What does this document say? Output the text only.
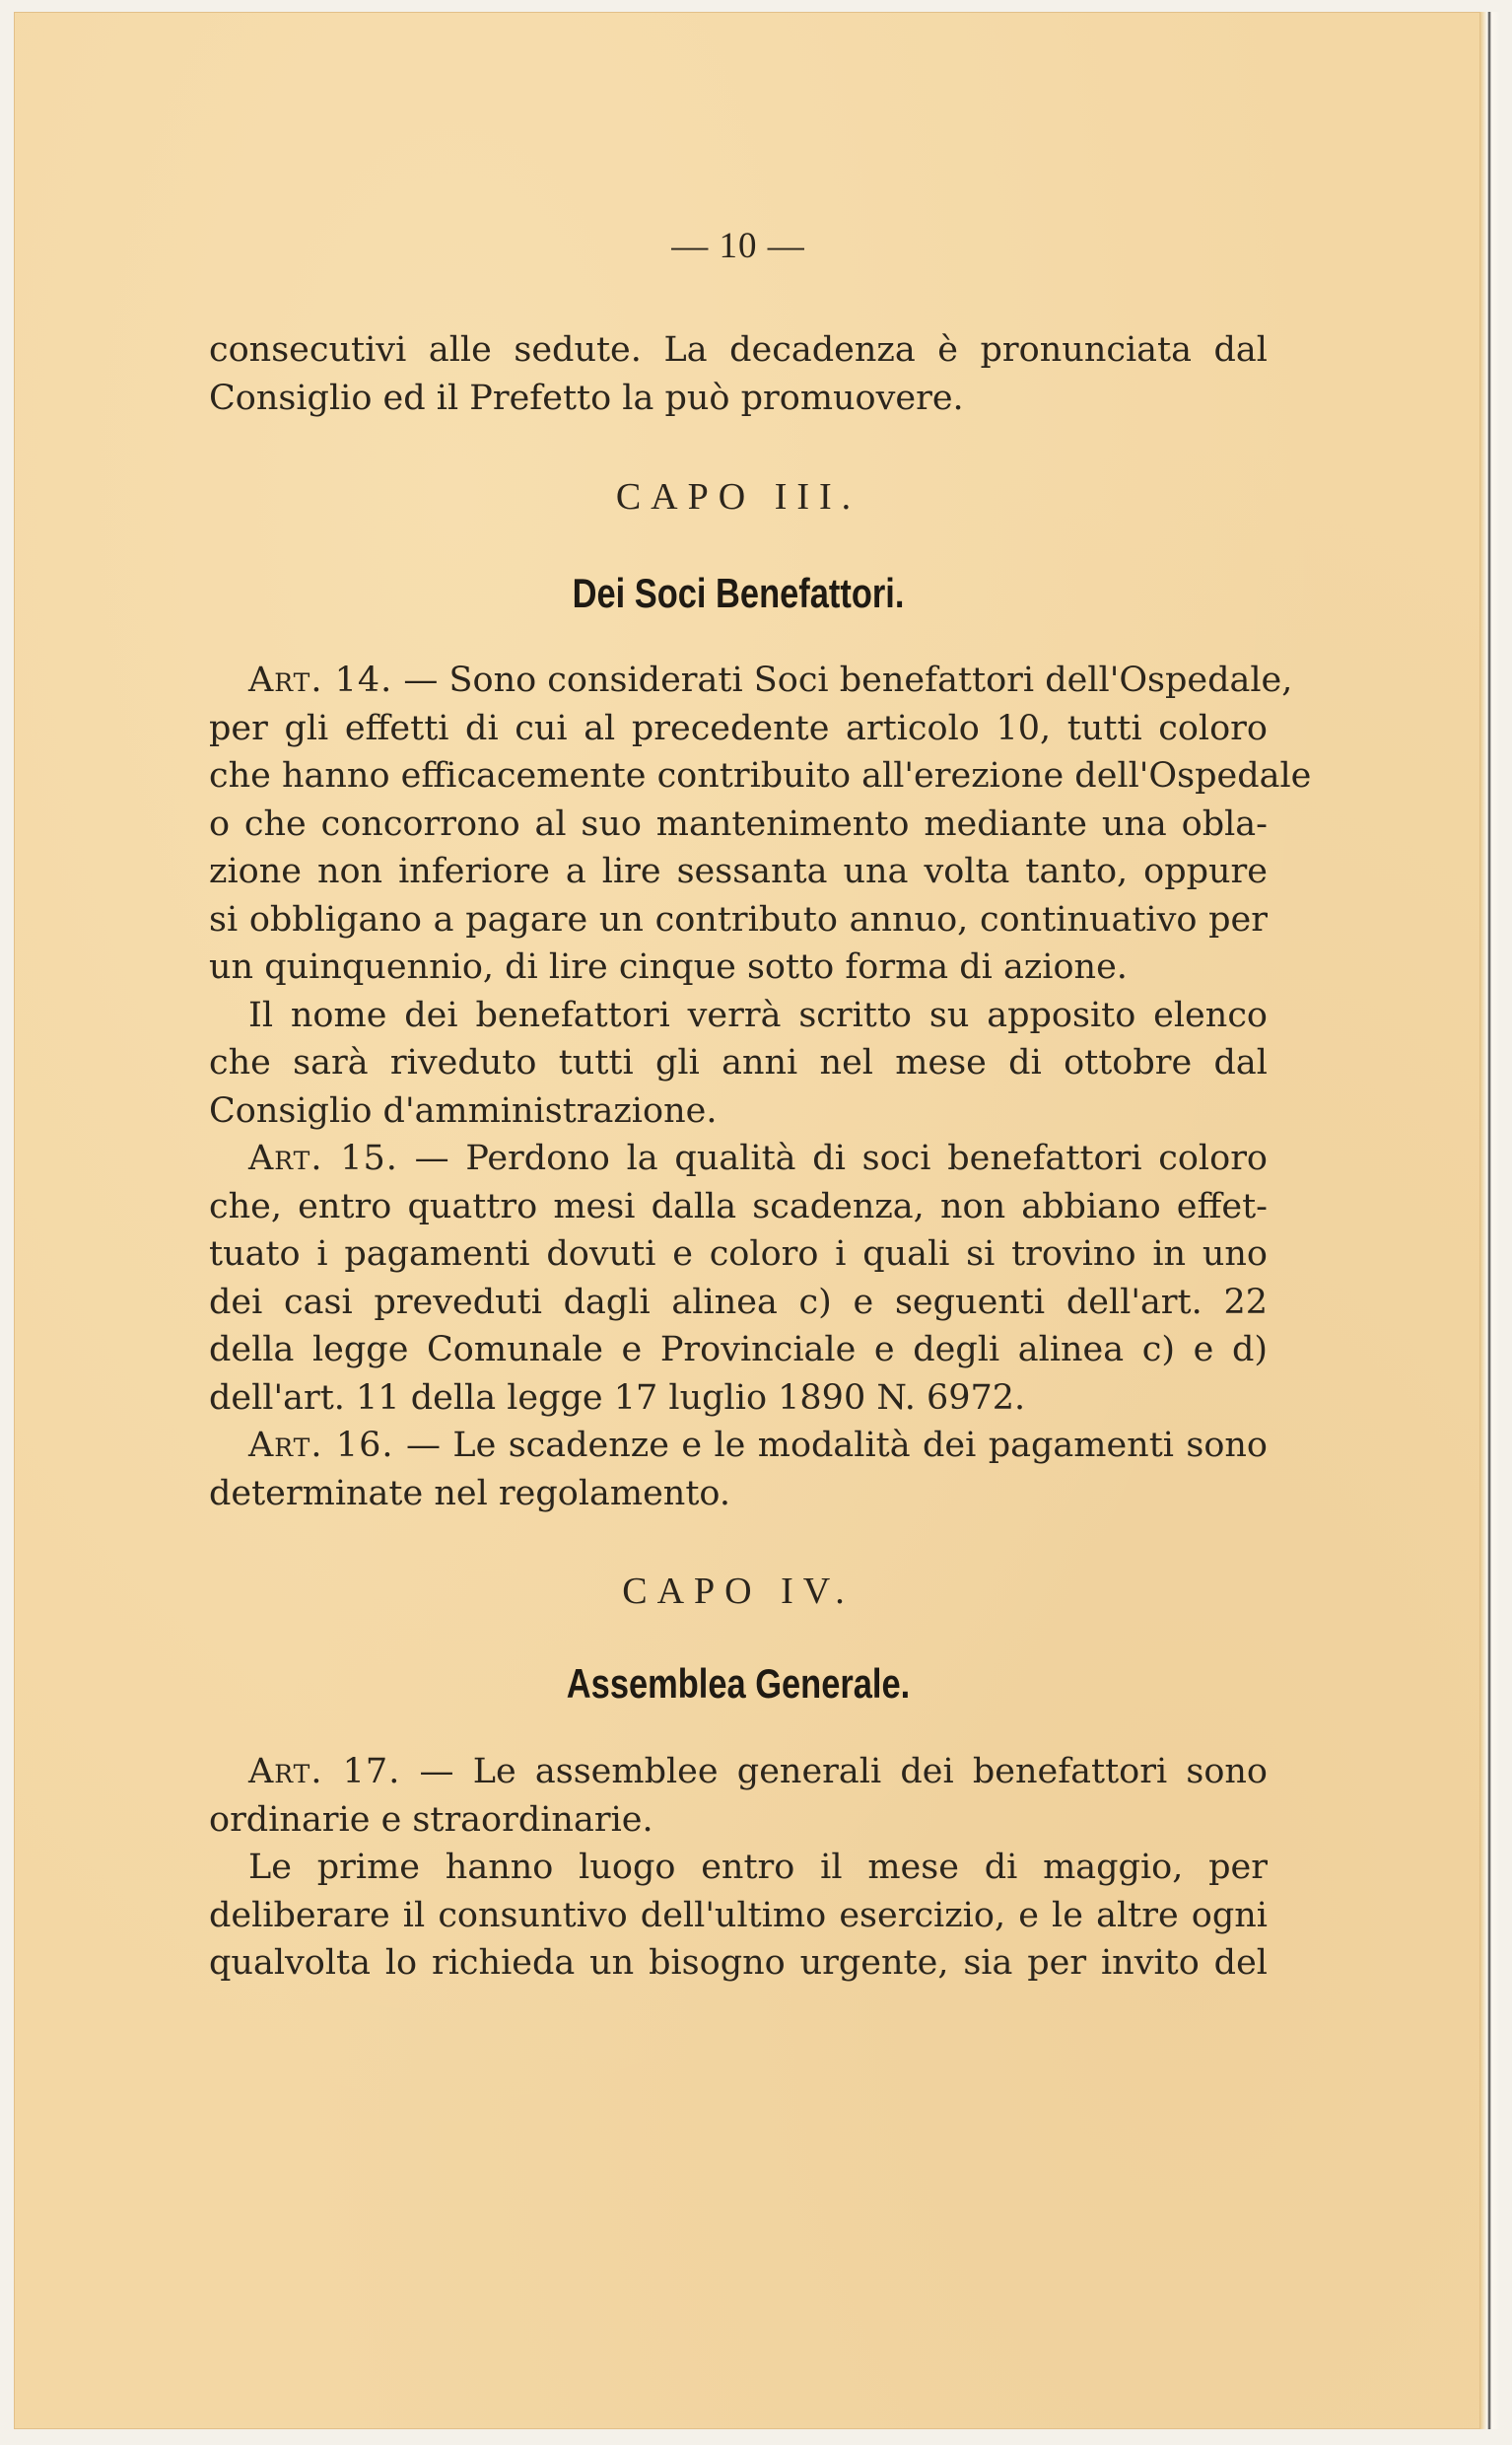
— 10 —
consecutivi alle sedute. La decadenza è pronunciata dal
Consiglio ed il Prefetto la può promuovere.
CAPO III.
Dei Soci Benefattori.
Art. 14. — Sono considerati Soci benefattori dell'Ospedale,
per gli effetti di cui al precedente articolo 10, tutti coloro
che hanno efficacemente contribuito all'erezione dell'Ospedale
o che concorrono al suo mantenimento mediante una obla-
zione non inferiore a lire sessanta una volta tanto, oppure
si obbligano a pagare un contributo annuo, continuativo per
un quinquennio, di lire cinque sotto forma di azione.
Il nome dei benefattori verrà scritto su apposito elenco
che sarà riveduto tutti gli anni nel mese di ottobre dal
Consiglio d'amministrazione.
Art. 15. — Perdono la qualità di soci benefattori coloro
che, entro quattro mesi dalla scadenza, non abbiano effet-
tuato i pagamenti dovuti e coloro i quali si trovino in uno
dei casi preveduti dagli alinea c) e seguenti dell'art. 22
della legge Comunale e Provinciale e degli alinea c) e d)
dell'art. 11 della legge 17 luglio 1890 N. 6972.
Art. 16. — Le scadenze e le modalità dei pagamenti sono
determinate nel regolamento.
CAPO IV.
Assemblea Generale.
Art. 17. — Le assemblee generali dei benefattori sono
ordinarie e straordinarie.
Le prime hanno luogo entro il mese di maggio, per
deliberare il consuntivo dell'ultimo esercizio, e le altre ogni
qualvolta lo richieda un bisogno urgente, sia per invito del
